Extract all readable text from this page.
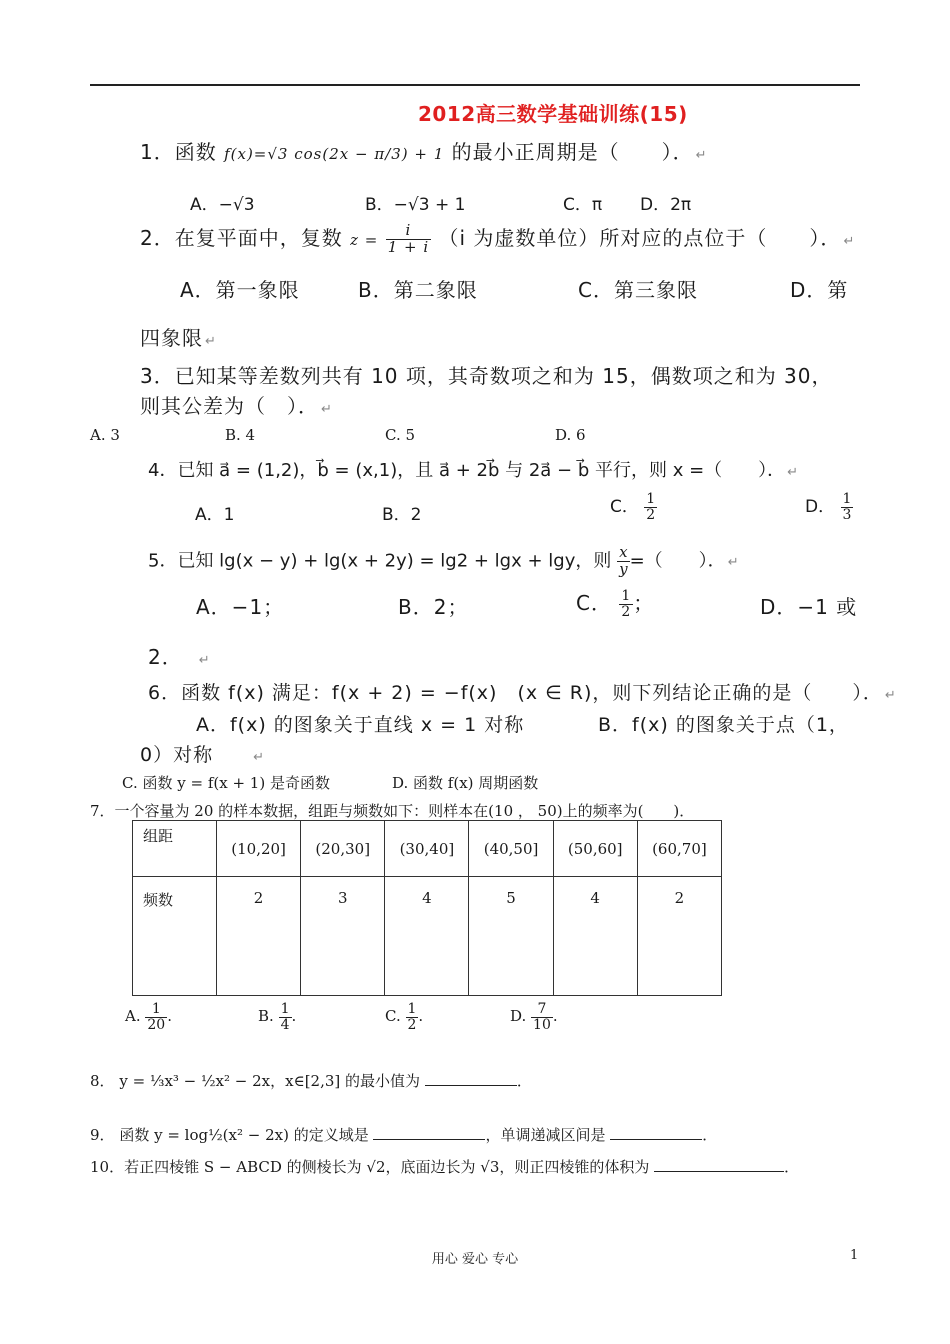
2012高三数学基础训练(15)
1．函数 f(x)=√3 cos(2x − π/3) + 1 的最小正周期是（　　）． ↵
A．−√3	B．−√3 + 1	C．π D．2π
2．在复平面中，复数 $z = \frac{i}{1 + i} (i$ 为虚数单位）所对应的点位于（　　）． ↵
A．第一象限	B．第二象限	C．第三象限	D．第
四象限 ↵
3．已知某等差数列共有 10 项，其奇数项之和为 15，偶数项之和为 30，
则其公差为（　）． ↵
A. 3	B. 4	C. 5	D. 6
4．已知 a⃗ = (1,2)，b⃗ = (x,1)，且 a⃗ + 2b⃗ 与 2a⃗ − b⃗ 平行，则 x =（　　）． ↵
A．1	B．2	C． $\frac{1}{2}$	D． $\frac{1}{3}$
5．已知 lg(x − y) + lg(x + 2y) = lg2 + lgx + lgy，则 $\frac{x}{y}$ =（　　）． ↵
A．−1；	B．2；	C． $\frac{1}{2}$ ；	D．−1 或
2． ↵
6．函数 f(x) 满足：f(x + 2) = −f(x)　(x ∈ R)，则下列结论正确的是（　　）． ↵
A．f(x) 的图象关于直线 x = 1 对称	B．f(x) 的图象关于点（1，
0）对称	↵
C. 函数 y = f(x + 1) 是奇函数	D. 函数 f(x) 周期函数
7．一个容量为 20 的样本数据，组距与频数如下：则样本在(10 ， 50)上的频率为(　　)．
组距	(10,20]	(20,30]	(30,40]	(40,50]	(50,60]	(60,70]
频数	2	3	4	5	4	2
A. $\frac{1}{20}$ .	B. $\frac{1}{4}$ .	C. $\frac{1}{2}$ .	D. $\frac{7}{10}$ .
8． y = ⅓x³ − ½x² − 2x，x∈[2,3] 的最小值为	．
9． 函数 y = log½(x² − 2x) 的定义域是	，单调递减区间是	．
10．若正四棱锥 S − ABCD 的侧棱长为 √2，底面边长为 √3，则正四棱锥的体积为	．
用心 爱心 专心	1
